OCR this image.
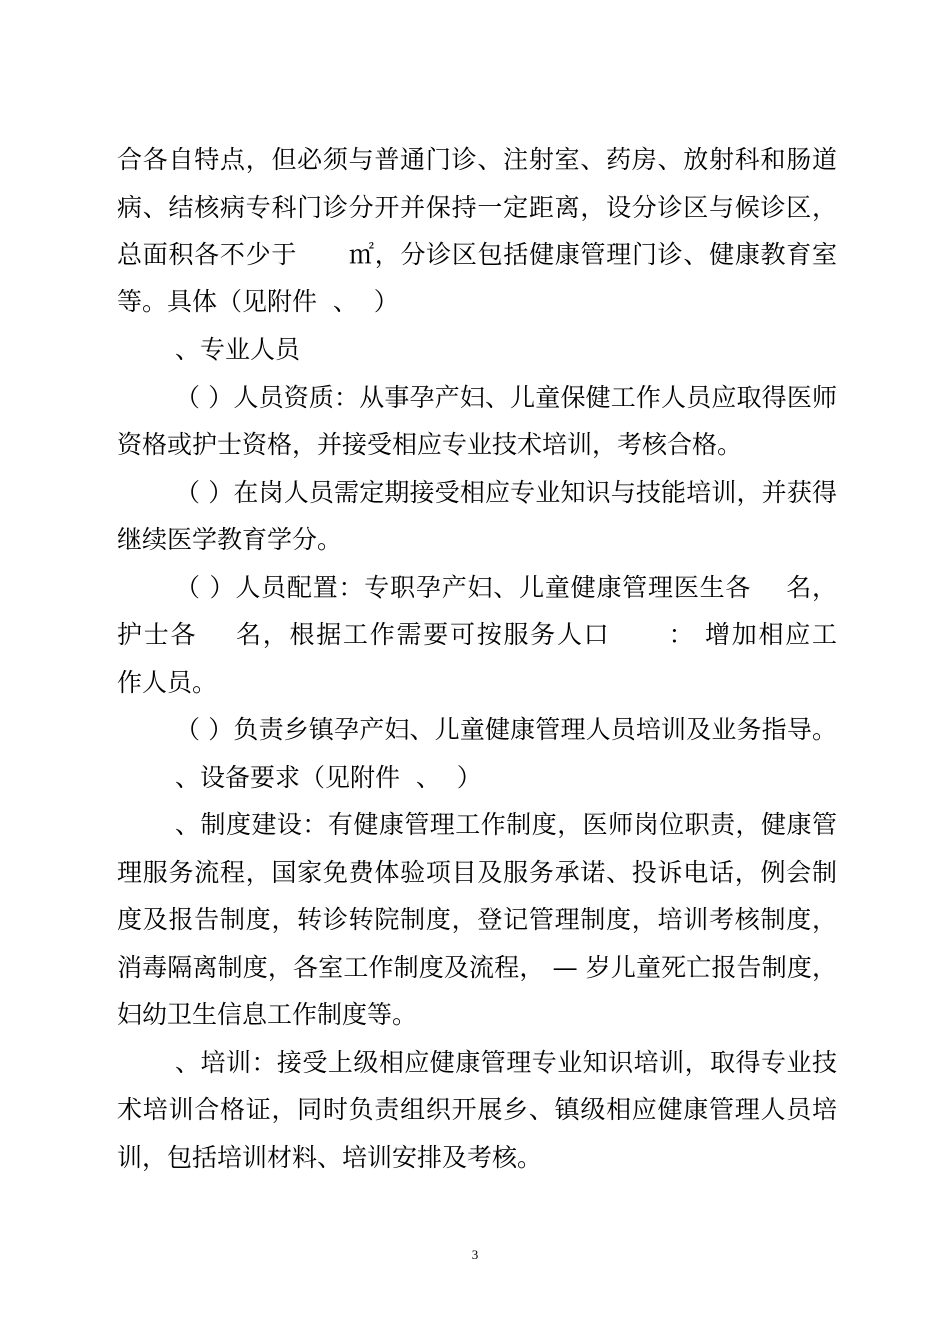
合各自特点，但必须与普通门诊、注射室、药房、放射科和肠道
病、结核病专科门诊分开并保持一定距离，设分诊区与候诊区，
总面积各不少于      ㎡，分诊区包括健康管理门诊、健康教育室
等。具体（见附件  、  ）
、专业人员
（ ）人员资质：从事孕产妇、儿童保健工作人员应取得医师
资格或护士资格，并接受相应专业技术培训，考核合格。
（ ）在岗人员需定期接受相应专业知识与技能培训，并获得
继续医学教育学分。
（ ）人员配置：专职孕产妇、儿童健康管理医生各    名，
护士各    名，根据工作需要可按服务人口      ： 增加相应工
作人员。
（ ）负责乡镇孕产妇、儿童健康管理人员培训及业务指导。
、设备要求（见附件  、  ）
、制度建设：有健康管理工作制度，医师岗位职责，健康管
理服务流程，国家免费体验项目及服务承诺、投诉电话，例会制
度及报告制度，转诊转院制度，登记管理制度，培训考核制度，
消毒隔离制度，各室工作制度及流程， — 岁儿童死亡报告制度，
妇幼卫生信息工作制度等。
、培训：接受上级相应健康管理专业知识培训，取得专业技
术培训合格证，同时负责组织开展乡、镇级相应健康管理人员培
训，包括培训材料、培训安排及考核。
3
